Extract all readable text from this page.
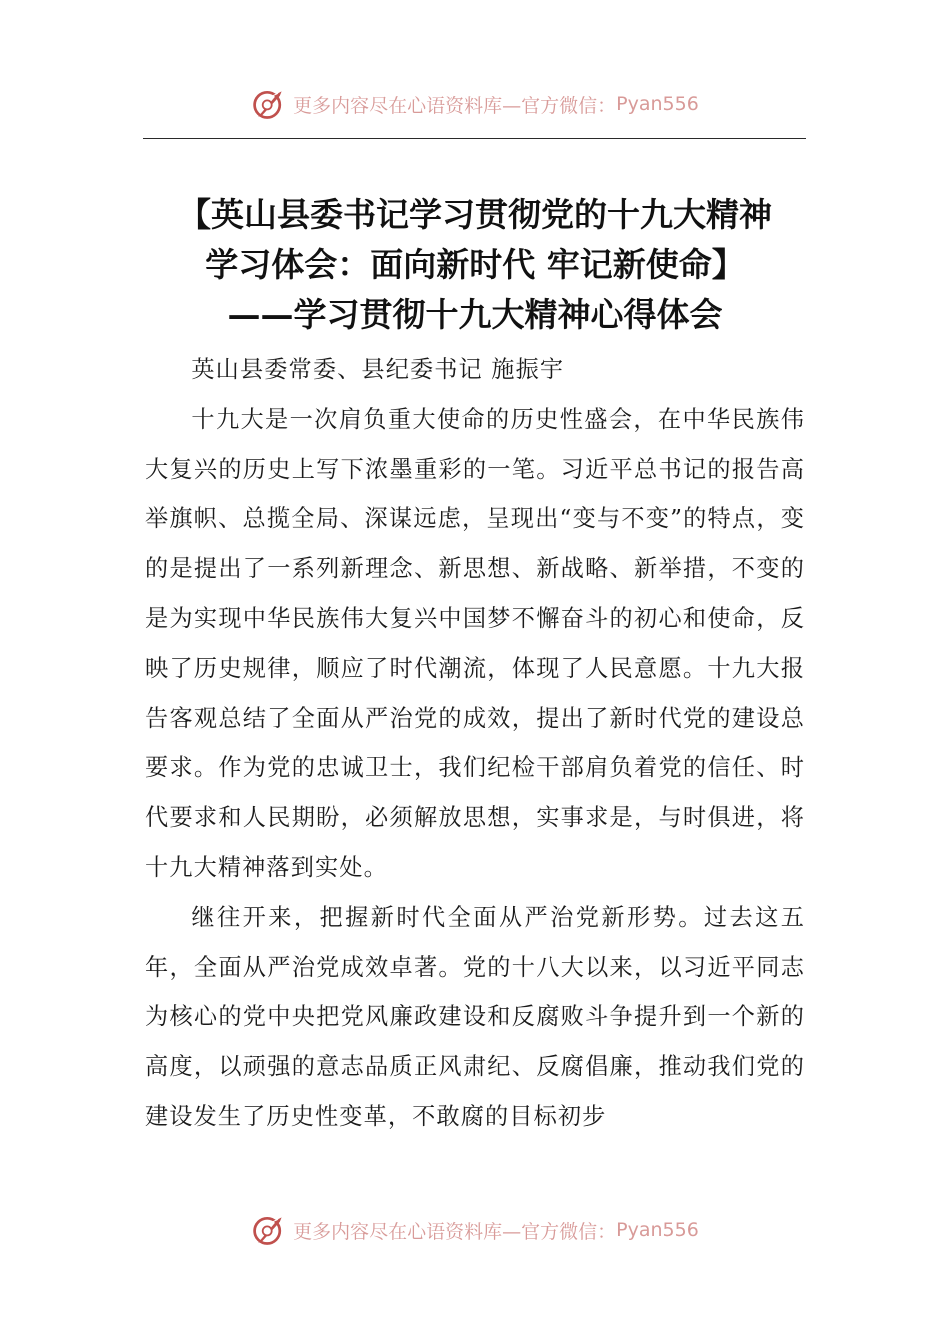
更多内容尽在心语资料库—官方微信： Pyan556
【英山县委书记学习贯彻党的十九大精神
学习体会：面向新时代 牢记新使命】
——学习贯彻十九大精神心得体会

英山县委常委、县纪委书记 施振宇

十九大是一次肩负重大使命的历史性盛会，在中华民族伟大复兴的历史上写下浓墨重彩的一笔。习近平总书记的报告高举旗帜、总揽全局、深谋远虑，呈现出“变与不变”的特点，变的是提出了一系列新理念、新思想、新战略、新举措，不变的是为实现中华民族伟大复兴中国梦不懈奋斗的初心和使命，反映了历史规律，顺应了时代潮流，体现了人民意愿。十九大报告客观总结了全面从严治党的成效，提出了新时代党的建设总要求。作为党的忠诚卫士，我们纪检干部肩负着党的信任、时代要求和人民期盼，必须解放思想，实事求是，与时俱进，将十九大精神落到实处。

继往开来，把握新时代全面从严治党新形势。过去这五年，全面从严治党成效卓著。党的十八大以来，以习近平同志为核心的党中央把党风廉政建设和反腐败斗争提升到一个新的高度，以顽强的意志品质正风肃纪、反腐倡廉，推动我们党的建设发生了历史性变革，不敢腐的目标初步

更多内容尽在心语资料库—官方微信： Pyan556
